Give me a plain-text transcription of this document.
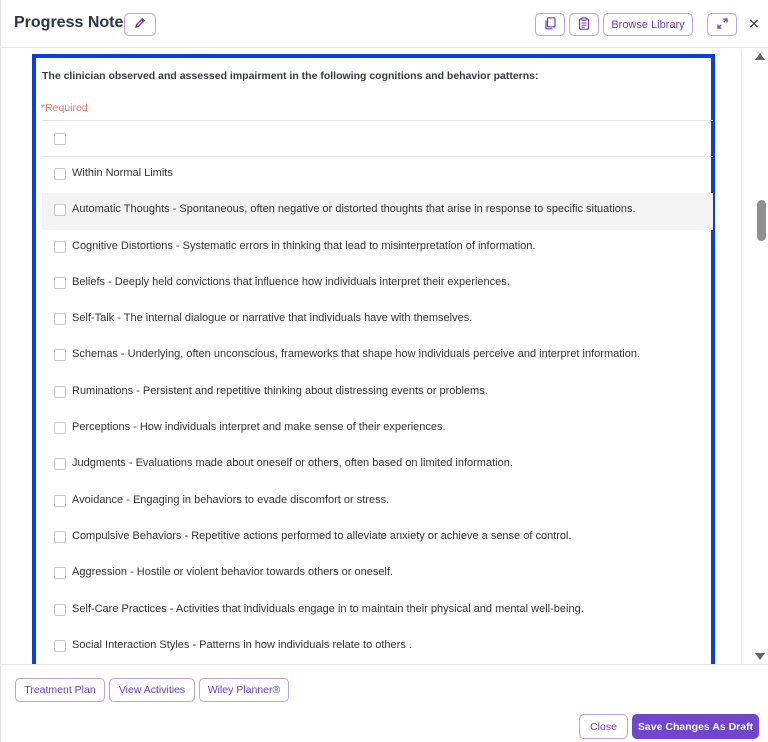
Progress Note	Browse Library	×
The clinician observed and assessed impairment in the following cognitions and behavior patterns:
*Required
Within Normal Limits
Automatic Thoughts - Spontaneous, often negative or distorted thoughts that arise in response to specific situations.
Cognitive Distortions - Systematic errors in thinking that lead to misinterpretation of information.
Beliefs - Deeply held convictions that influence how individuals interpret their experiences.
Self-Talk - The internal dialogue or narrative that individuals have with themselves.
Schemas - Underlying, often unconscious, frameworks that shape how individuals perceive and interpret information.
Ruminations - Persistent and repetitive thinking about distressing events or problems.
Perceptions - How individuals interpret and make sense of their experiences.
Judgments - Evaluations made about oneself or others, often based on limited information.
Avoidance - Engaging in behaviors to evade discomfort or stress.
Compulsive Behaviors - Repetitive actions performed to alleviate anxiety or achieve a sense of control.
Aggression - Hostile or violent behavior towards others or oneself.
Self-Care Practices - Activities that individuals engage in to maintain their physical and mental well-being.
Social Interaction Styles - Patterns in how individuals relate to others .
Treatment Plan	View Activities	Wiley Planner®
Close	Save Changes As Draft
